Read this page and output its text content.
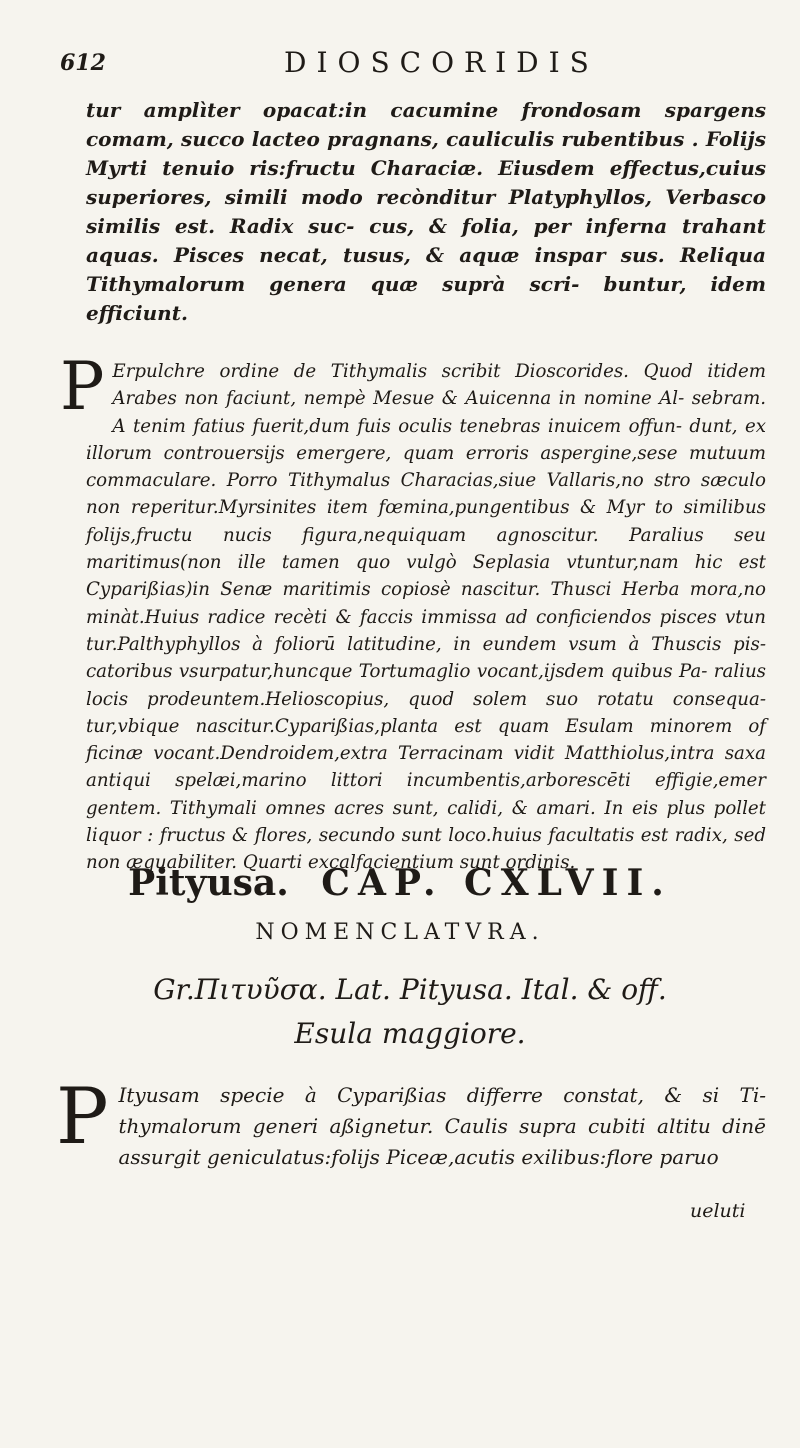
612	DIOSCORIDIS
tur amplìter opacat:in cacumine frondosam spargens comam, succo lacteo pragnans, cauliculis rubentibus . Folijs Myrti tenuio ris:fructu Characiæ. Eiusdem effectus,cuius superiores, simili modo recònditur Platyphyllos, Verbasco similis est. Radix suc- cus, & folia, per inferna trahant aquas. Pisces necat, tusus, & aquæ inspar sus. Reliqua Tithymalorum genera quæ suprà scri- buntur, idem efficiunt.
P Erpulchre ordine de Tithymalis scribit Dioscorides. Quod itidem Arabes non faciunt, nempè Mesue & Auicenna in nomine Al- sebram. A tenim fatius fuerit,dum fuis oculis tenebras inuicem offun- dunt, ex illorum controuersijs emergere, quam erroris aspergine,sese mutuum commaculare. Porro Tithymalus Characias,siue Vallaris,no stro sæculo non reperitur.Myrsinites item fœmina,pungentibus & Myr to similibus folijs,fructu nucis figura,nequiquam agnoscitur. Paralius seu maritimus(non ille tamen quo vulgò Seplasia vtuntur,nam hic est Cyparißias)in Senæ maritimis copiosè nascitur. Thusci Herba mora,no minàt.Huius radice recèti & faccis immissa ad conficiendos pisces vtun tur.Palthyphyllos à foliorū latitudine, in eundem vsum à Thuscis pis- catoribus vsurpatur,huncque Tortumaglio vocant,ijsdem quibus Pa- ralius locis prodeuntem.Helioscopius, quod solem suo rotatu consequa- tur,vbique nascitur.Cyparißias,planta est quam Esulam minorem of ficinæ vocant.Dendroidem,extra Terracinam vidit Matthiolus,intra saxa antiqui spelæi,marino littori incumbentis,arborescēti effigie,emer gentem. Tithymali omnes acres sunt, calidi, & amari. In eis plus pollet liquor : fructus & flores, secundo sunt loco.huius facultatis est radix, sed non æquabiliter. Quarti excalfacientium sunt ordinis.
Pityusa. CAP. CXLVII.
NOMENCLATVRA.
Gr.Πιτυῦσα. Lat. Pityusa. Ital. & off.
Esula maggiore.
P Ityusam specie à Cyparißias differre constat, & si Ti- thymalorum generi aßignetur. Caulis supra cubiti altitu dinē assurgit geniculatus:folijs Piceæ,acutis exilibus:flore paruo
ueluti
